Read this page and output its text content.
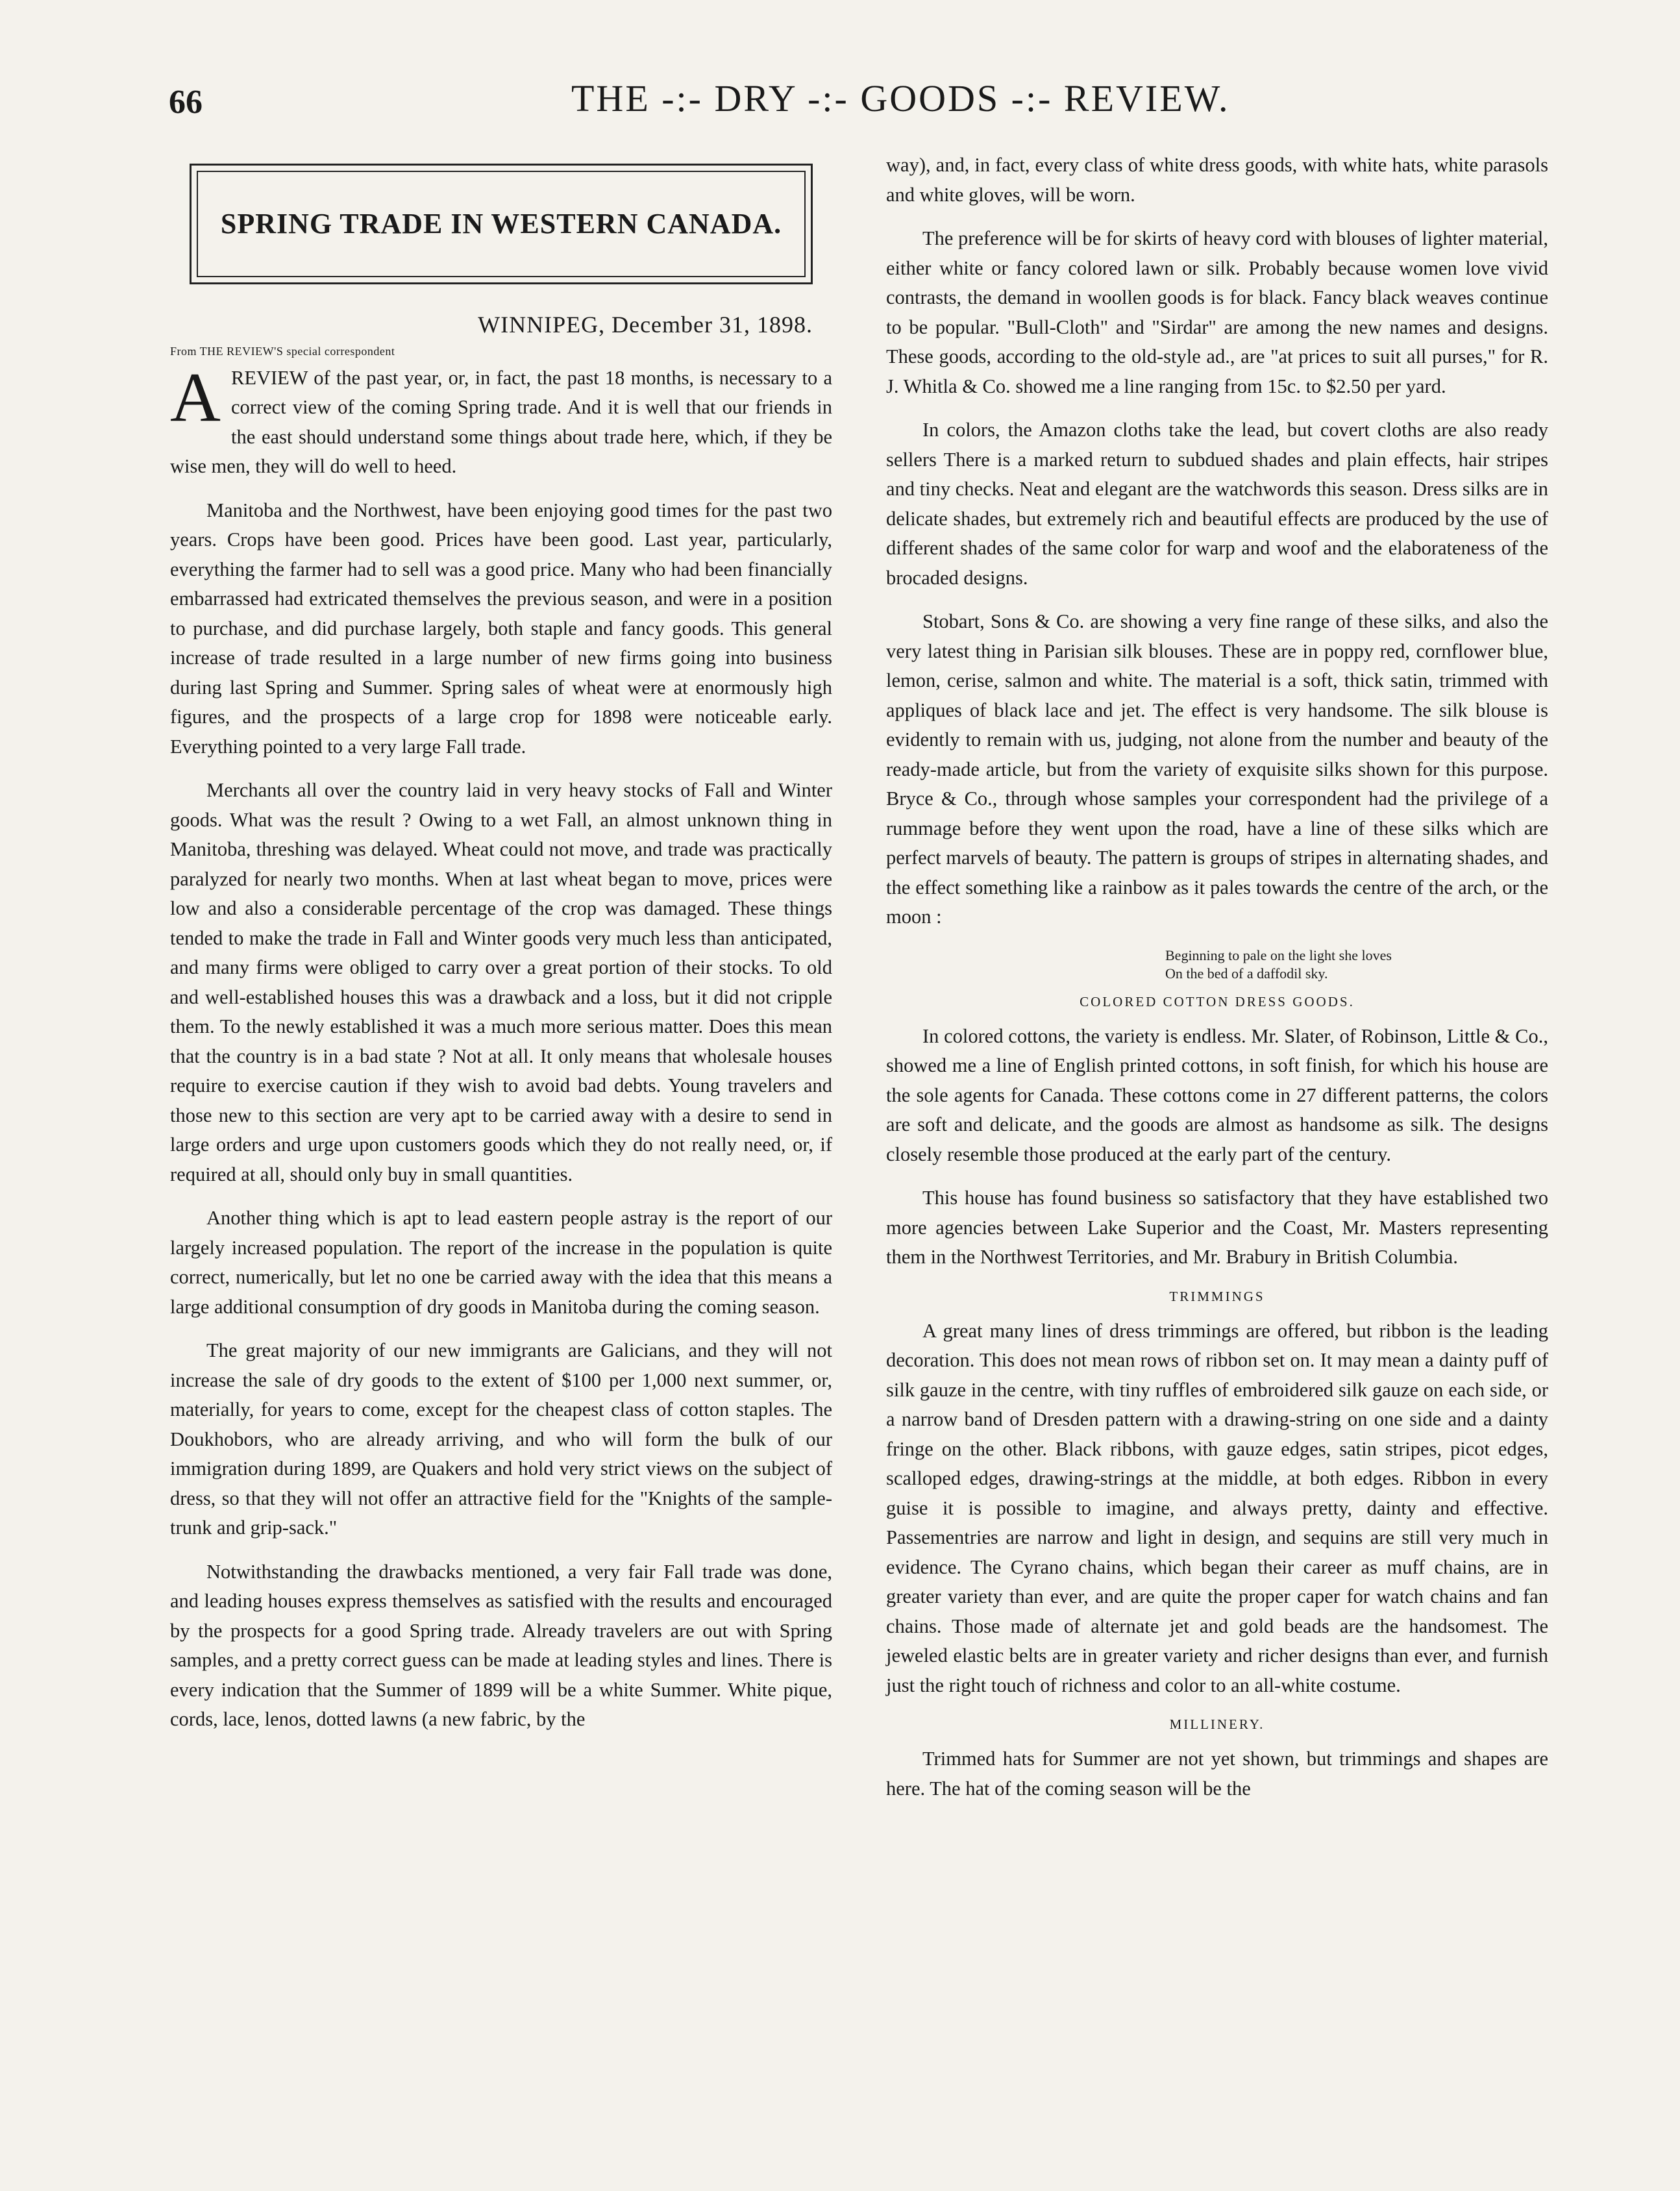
66	THE -:- DRY -:- GOODS -:- REVIEW.
SPRING TRADE IN WESTERN CANADA.
WINNIPEG, December 31, 1898.
From THE REVIEW'S special correspondent

A REVIEW of the past year, or, in fact, the past 18 months, is necessary to a correct view of the coming Spring trade. And it is well that our friends in the east should understand some things about trade here, which, if they be wise men, they will do well to heed.

Manitoba and the Northwest, have been enjoying good times for the past two years. Crops have been good. Prices have been good. Last year, particularly, everything the farmer had to sell was a good price. Many who had been financially embarrassed had extricated themselves the previous season, and were in a position to purchase, and did purchase largely, both staple and fancy goods. This general increase of trade resulted in a large number of new firms going into business during last Spring and Summer. Spring sales of wheat were at enormously high figures, and the prospects of a large crop for 1898 were noticeable early. Everything pointed to a very large Fall trade.

Merchants all over the country laid in very heavy stocks of Fall and Winter goods. What was the result ? Owing to a wet Fall, an almost unknown thing in Manitoba, threshing was delayed. Wheat could not move, and trade was practically paralyzed for nearly two months. When at last wheat began to move, prices were low and also a considerable percentage of the crop was damaged. These things tended to make the trade in Fall and Winter goods very much less than anticipated, and many firms were obliged to carry over a great portion of their stocks. To old and well-established houses this was a drawback and a loss, but it did not cripple them. To the newly established it was a much more serious matter. Does this mean that the country is in a bad state ? Not at all. It only means that wholesale houses require to exercise caution if they wish to avoid bad debts. Young travelers and those new to this section are very apt to be carried away with a desire to send in large orders and urge upon customers goods which they do not really need, or, if required at all, should only buy in small quantities.

Another thing which is apt to lead eastern people astray is the report of our largely increased population. The report of the increase in the population is quite correct, numerically, but let no one be carried away with the idea that this means a large additional consumption of dry goods in Manitoba during the coming season.

The great majority of our new immigrants are Galicians, and they will not increase the sale of dry goods to the extent of $100 per 1,000 next summer, or, materially, for years to come, except for the cheapest class of cotton staples. The Doukhobors, who are already arriving, and who will form the bulk of our immigration during 1899, are Quakers and hold very strict views on the subject of dress, so that they will not offer an attractive field for the "Knights of the sample-trunk and grip-sack."

Notwithstanding the drawbacks mentioned, a very fair Fall trade was done, and leading houses express themselves as satisfied with the results and encouraged by the prospects for a good Spring trade. Already travelers are out with Spring samples, and a pretty correct guess can be made at leading styles and lines. There is every indication that the Summer of 1899 will be a white Summer. White pique, cords, lace, lenos, dotted lawns (a new fabric, by the

way), and, in fact, every class of white dress goods, with white hats, white parasols and white gloves, will be worn.

The preference will be for skirts of heavy cord with blouses of lighter material, either white or fancy colored lawn or silk. Probably because women love vivid contrasts, the demand in woollen goods is for black. Fancy black weaves continue to be popular. "Bull-Cloth" and "Sirdar" are among the new names and designs. These goods, according to the old-style ad., are "at prices to suit all purses," for R. J. Whitla & Co. showed me a line ranging from 15c. to $2.50 per yard.

In colors, the Amazon cloths take the lead, but covert cloths are also ready sellers There is a marked return to subdued shades and plain effects, hair stripes and tiny checks. Neat and elegant are the watchwords this season. Dress silks are in delicate shades, but extremely rich and beautiful effects are produced by the use of different shades of the same color for warp and woof and the elaborateness of the brocaded designs.

Stobart, Sons & Co. are showing a very fine range of these silks, and also the very latest thing in Parisian silk blouses. These are in poppy red, cornflower blue, lemon, cerise, salmon and white. The material is a soft, thick satin, trimmed with appliques of black lace and jet. The effect is very handsome. The silk blouse is evidently to remain with us, judging, not alone from the number and beauty of the ready-made article, but from the variety of exquisite silks shown for this purpose. Bryce & Co., through whose samples your correspondent had the privilege of a rummage before they went upon the road, have a line of these silks which are perfect marvels of beauty. The pattern is groups of stripes in alternating shades, and the effect something like a rainbow as it pales towards the centre of the arch, or the moon :

Beginning to pale on the light she loves
On the bed of a daffodil sky.
COLORED COTTON DRESS GOODS.

In colored cottons, the variety is endless. Mr. Slater, of Robinson, Little & Co., showed me a line of English printed cottons, in soft finish, for which his house are the sole agents for Canada. These cottons come in 27 different patterns, the colors are soft and delicate, and the goods are almost as handsome as silk. The designs closely resemble those produced at the early part of the century.

This house has found business so satisfactory that they have established two more agencies between Lake Superior and the Coast, Mr. Masters representing them in the Northwest Territories, and Mr. Brabury in British Columbia.

TRIMMINGS

A great many lines of dress trimmings are offered, but ribbon is the leading decoration. This does not mean rows of ribbon set on. It may mean a dainty puff of silk gauze in the centre, with tiny ruffles of embroidered silk gauze on each side, or a narrow band of Dresden pattern with a drawing-string on one side and a dainty fringe on the other. Black ribbons, with gauze edges, satin stripes, picot edges, scalloped edges, drawing-strings at the middle, at both edges. Ribbon in every guise it is possible to imagine, and always pretty, dainty and effective. Passementries are narrow and light in design, and sequins are still very much in evidence. The Cyrano chains, which began their career as muff chains, are in greater variety than ever, and are quite the proper caper for watch chains and fan chains. Those made of alternate jet and gold beads are the handsomest. The jeweled elastic belts are in greater variety and richer designs than ever, and furnish just the right touch of richness and color to an all-white costume.

MILLINERY.

Trimmed hats for Summer are not yet shown, but trimmings and shapes are here. The hat of the coming season will be the
